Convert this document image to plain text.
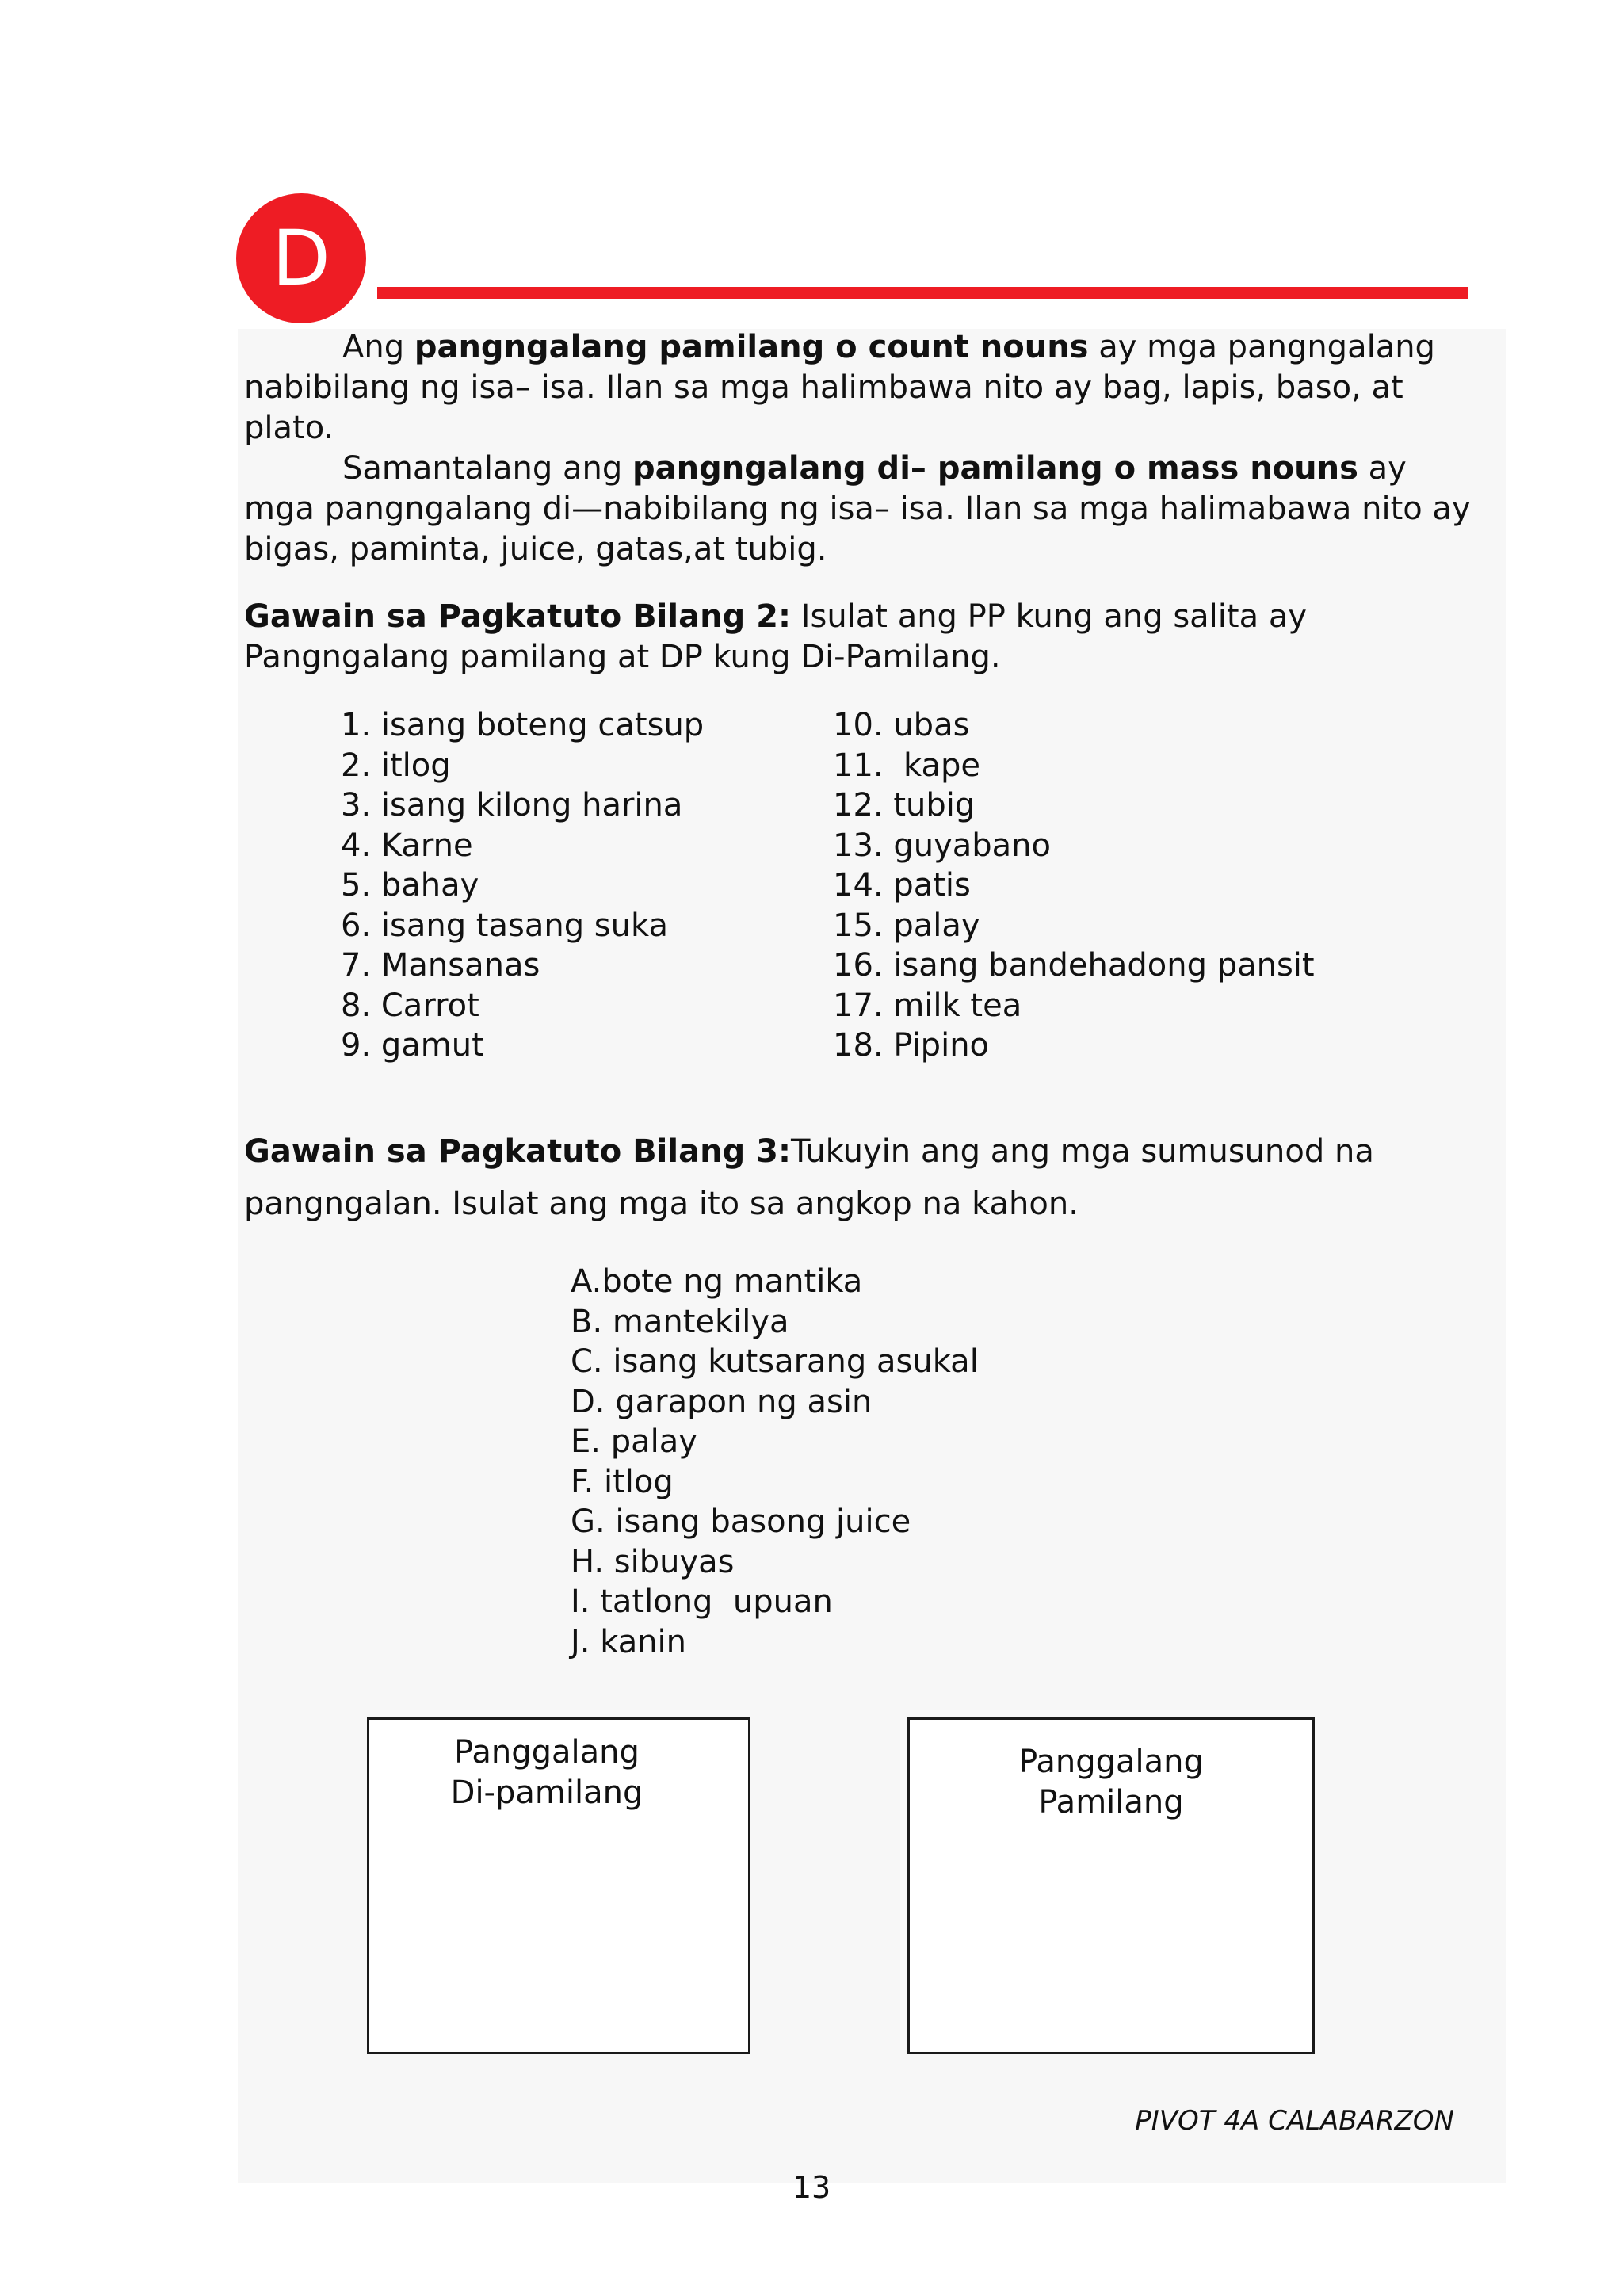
D

Ang pangngalang pamilang o count nouns ay mga pangngalang nabibilang ng isa– isa. Ilan sa mga halimbawa nito ay bag, lapis, baso, at plato.

Samantalang ang pangngalang di– pamilang o mass nouns ay mga pangngalang di—nabibilang ng isa– isa. Ilan sa mga halimabawa nito ay bigas, paminta, juice, gatas,at tubig.

Gawain sa Pagkatuto Bilang 2: Isulat ang PP kung ang salita ay Pangngalang pamilang at DP kung Di-Pamilang.
1. isang boteng catsup
2. itlog
3. isang kilong harina
4. Karne
5. bahay
6. isang tasang suka
7. Mansanas
8. Carrot
9. gamut
10. ubas
11.  kape
12. tubig
13. guyabano
14. patis
15. palay
16. isang bandehadong pansit
17. milk tea
18. Pipino
Gawain sa Pagkatuto Bilang 3:Tukuyin ang ang mga sumusunod na pangngalan. Isulat ang mga ito sa angkop na kahon.
A.bote ng mantika
B. mantekilya
C. isang kutsarang asukal
D. garapon ng asin
E. palay
F. itlog
G. isang basong juice
H. sibuyas
I. tatlong  upuan
J. kanin
Panggalang
Di-pamilang
Panggalang
Pamilang
PIVOT 4A CALABARZON
13
